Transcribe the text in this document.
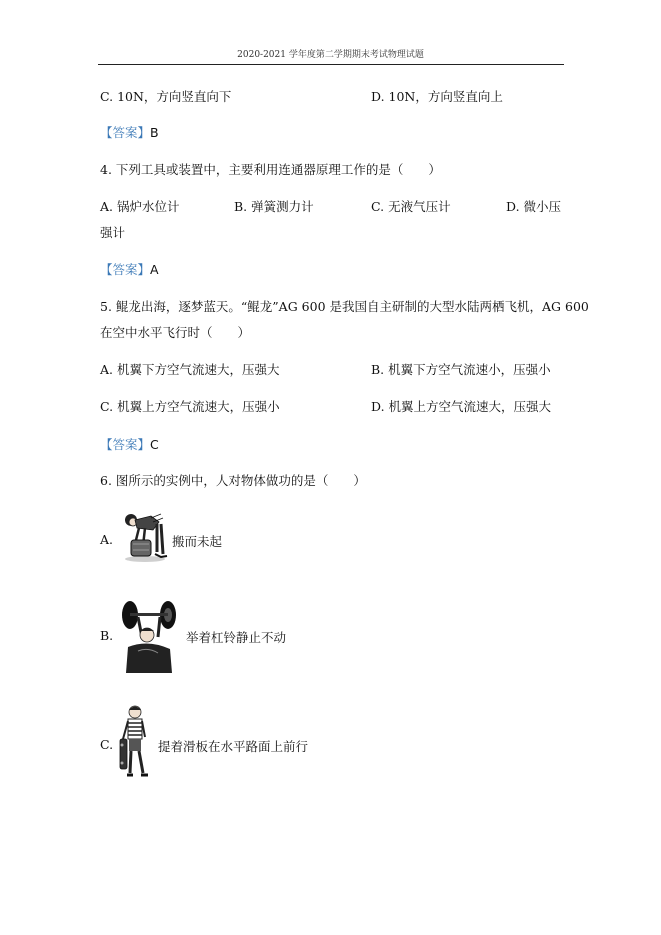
2020-2021 学年度第二学期期末考试物理试题
C. 10N，方向竖直向下	D. 10N，方向竖直向上
【答案】B
4. 下列工具或装置中，主要利用连通器原理工作的是（　　）
A. 锅炉水位计	B. 弹簧测力计	C. 无液气压计	D. 微小压
强计
【答案】A
5. 鲲龙出海，逐梦蓝天。“鲲龙”AG 600 是我国自主研制的大型水陆两栖飞机，AG 600
在空中水平飞行时（　　）
A. 机翼下方空气流速大，压强大	B. 机翼下方空气流速小，压强小
C. 机翼上方空气流速大，压强小	D. 机翼上方空气流速大，压强大
【答案】C
6. 图所示的实例中，人对物体做功的是（　　）
A.	搬而未起
B.	举着杠铃静止不动
C.	提着滑板在水平路面上前行
